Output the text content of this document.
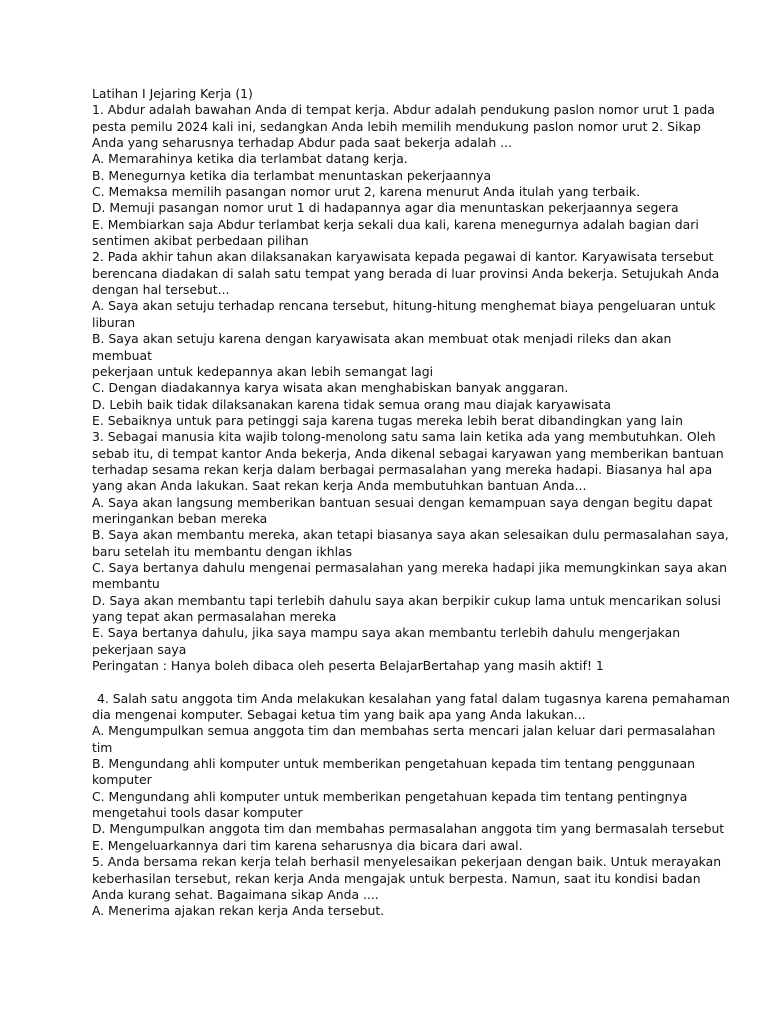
Latihan I Jejaring Kerja (1)
1. Abdur adalah bawahan Anda di tempat kerja. Abdur adalah pendukung paslon nomor urut 1 pada
pesta pemilu 2024 kali ini, sedangkan Anda lebih memilih mendukung paslon nomor urut 2. Sikap
Anda yang seharusnya terhadap Abdur pada saat bekerja adalah ...
A. Memarahinya ketika dia terlambat datang kerja.
B. Menegurnya ketika dia terlambat menuntaskan pekerjaannya
C. Memaksa memilih pasangan nomor urut 2, karena menurut Anda itulah yang terbaik.
D. Memuji pasangan nomor urut 1 di hadapannya agar dia menuntaskan pekerjaannya segera
E. Membiarkan saja Abdur terlambat kerja sekali dua kali, karena menegurnya adalah bagian dari
sentimen akibat perbedaan pilihan
2. Pada akhir tahun akan dilaksanakan karyawisata kepada pegawai di kantor. Karyawisata tersebut
berencana diadakan di salah satu tempat yang berada di luar provinsi Anda bekerja. Setujukah Anda
dengan hal tersebut...
A. Saya akan setuju terhadap rencana tersebut, hitung-hitung menghemat biaya pengeluaran untuk
liburan
B. Saya akan setuju karena dengan karyawisata akan membuat otak menjadi rileks dan akan
membuat
pekerjaan untuk kedepannya akan lebih semangat lagi
C. Dengan diadakannya karya wisata akan menghabiskan banyak anggaran.
D. Lebih baik tidak dilaksanakan karena tidak semua orang mau diajak karyawisata
E. Sebaiknya untuk para petinggi saja karena tugas mereka lebih berat dibandingkan yang lain
3. Sebagai manusia kita wajib tolong-menolong satu sama lain ketika ada yang membutuhkan. Oleh
sebab itu, di tempat kantor Anda bekerja, Anda dikenal sebagai karyawan yang memberikan bantuan
terhadap sesama rekan kerja dalam berbagai permasalahan yang mereka hadapi. Biasanya hal apa
yang akan Anda lakukan. Saat rekan kerja Anda membutuhkan bantuan Anda...
A. Saya akan langsung memberikan bantuan sesuai dengan kemampuan saya dengan begitu dapat
meringankan beban mereka
B. Saya akan membantu mereka, akan tetapi biasanya saya akan selesaikan dulu permasalahan saya,
baru setelah itu membantu dengan ikhlas
C. Saya bertanya dahulu mengenai permasalahan yang mereka hadapi jika memungkinkan saya akan
membantu
D. Saya akan membantu tapi terlebih dahulu saya akan berpikir cukup lama untuk mencarikan solusi
yang tepat akan permasalahan mereka
E. Saya bertanya dahulu, jika saya mampu saya akan membantu terlebih dahulu mengerjakan
pekerjaan saya
Peringatan : Hanya boleh dibaca oleh peserta BelajarBertahap yang masih aktif! 1
4. Salah satu anggota tim Anda melakukan kesalahan yang fatal dalam tugasnya karena pemahaman
dia mengenai komputer. Sebagai ketua tim yang baik apa yang Anda lakukan...
A. Mengumpulkan semua anggota tim dan membahas serta mencari jalan keluar dari permasalahan
tim
B. Mengundang ahli komputer untuk memberikan pengetahuan kepada tim tentang penggunaan
komputer
C. Mengundang ahli komputer untuk memberikan pengetahuan kepada tim tentang pentingnya
mengetahui tools dasar komputer
D. Mengumpulkan anggota tim dan membahas permasalahan anggota tim yang bermasalah tersebut
E. Mengeluarkannya dari tim karena seharusnya dia bicara dari awal.
5. Anda bersama rekan kerja telah berhasil menyelesaikan pekerjaan dengan baik. Untuk merayakan
keberhasilan tersebut, rekan kerja Anda mengajak untuk berpesta. Namun, saat itu kondisi badan
Anda kurang sehat. Bagaimana sikap Anda ....
A. Menerima ajakan rekan kerja Anda tersebut.
